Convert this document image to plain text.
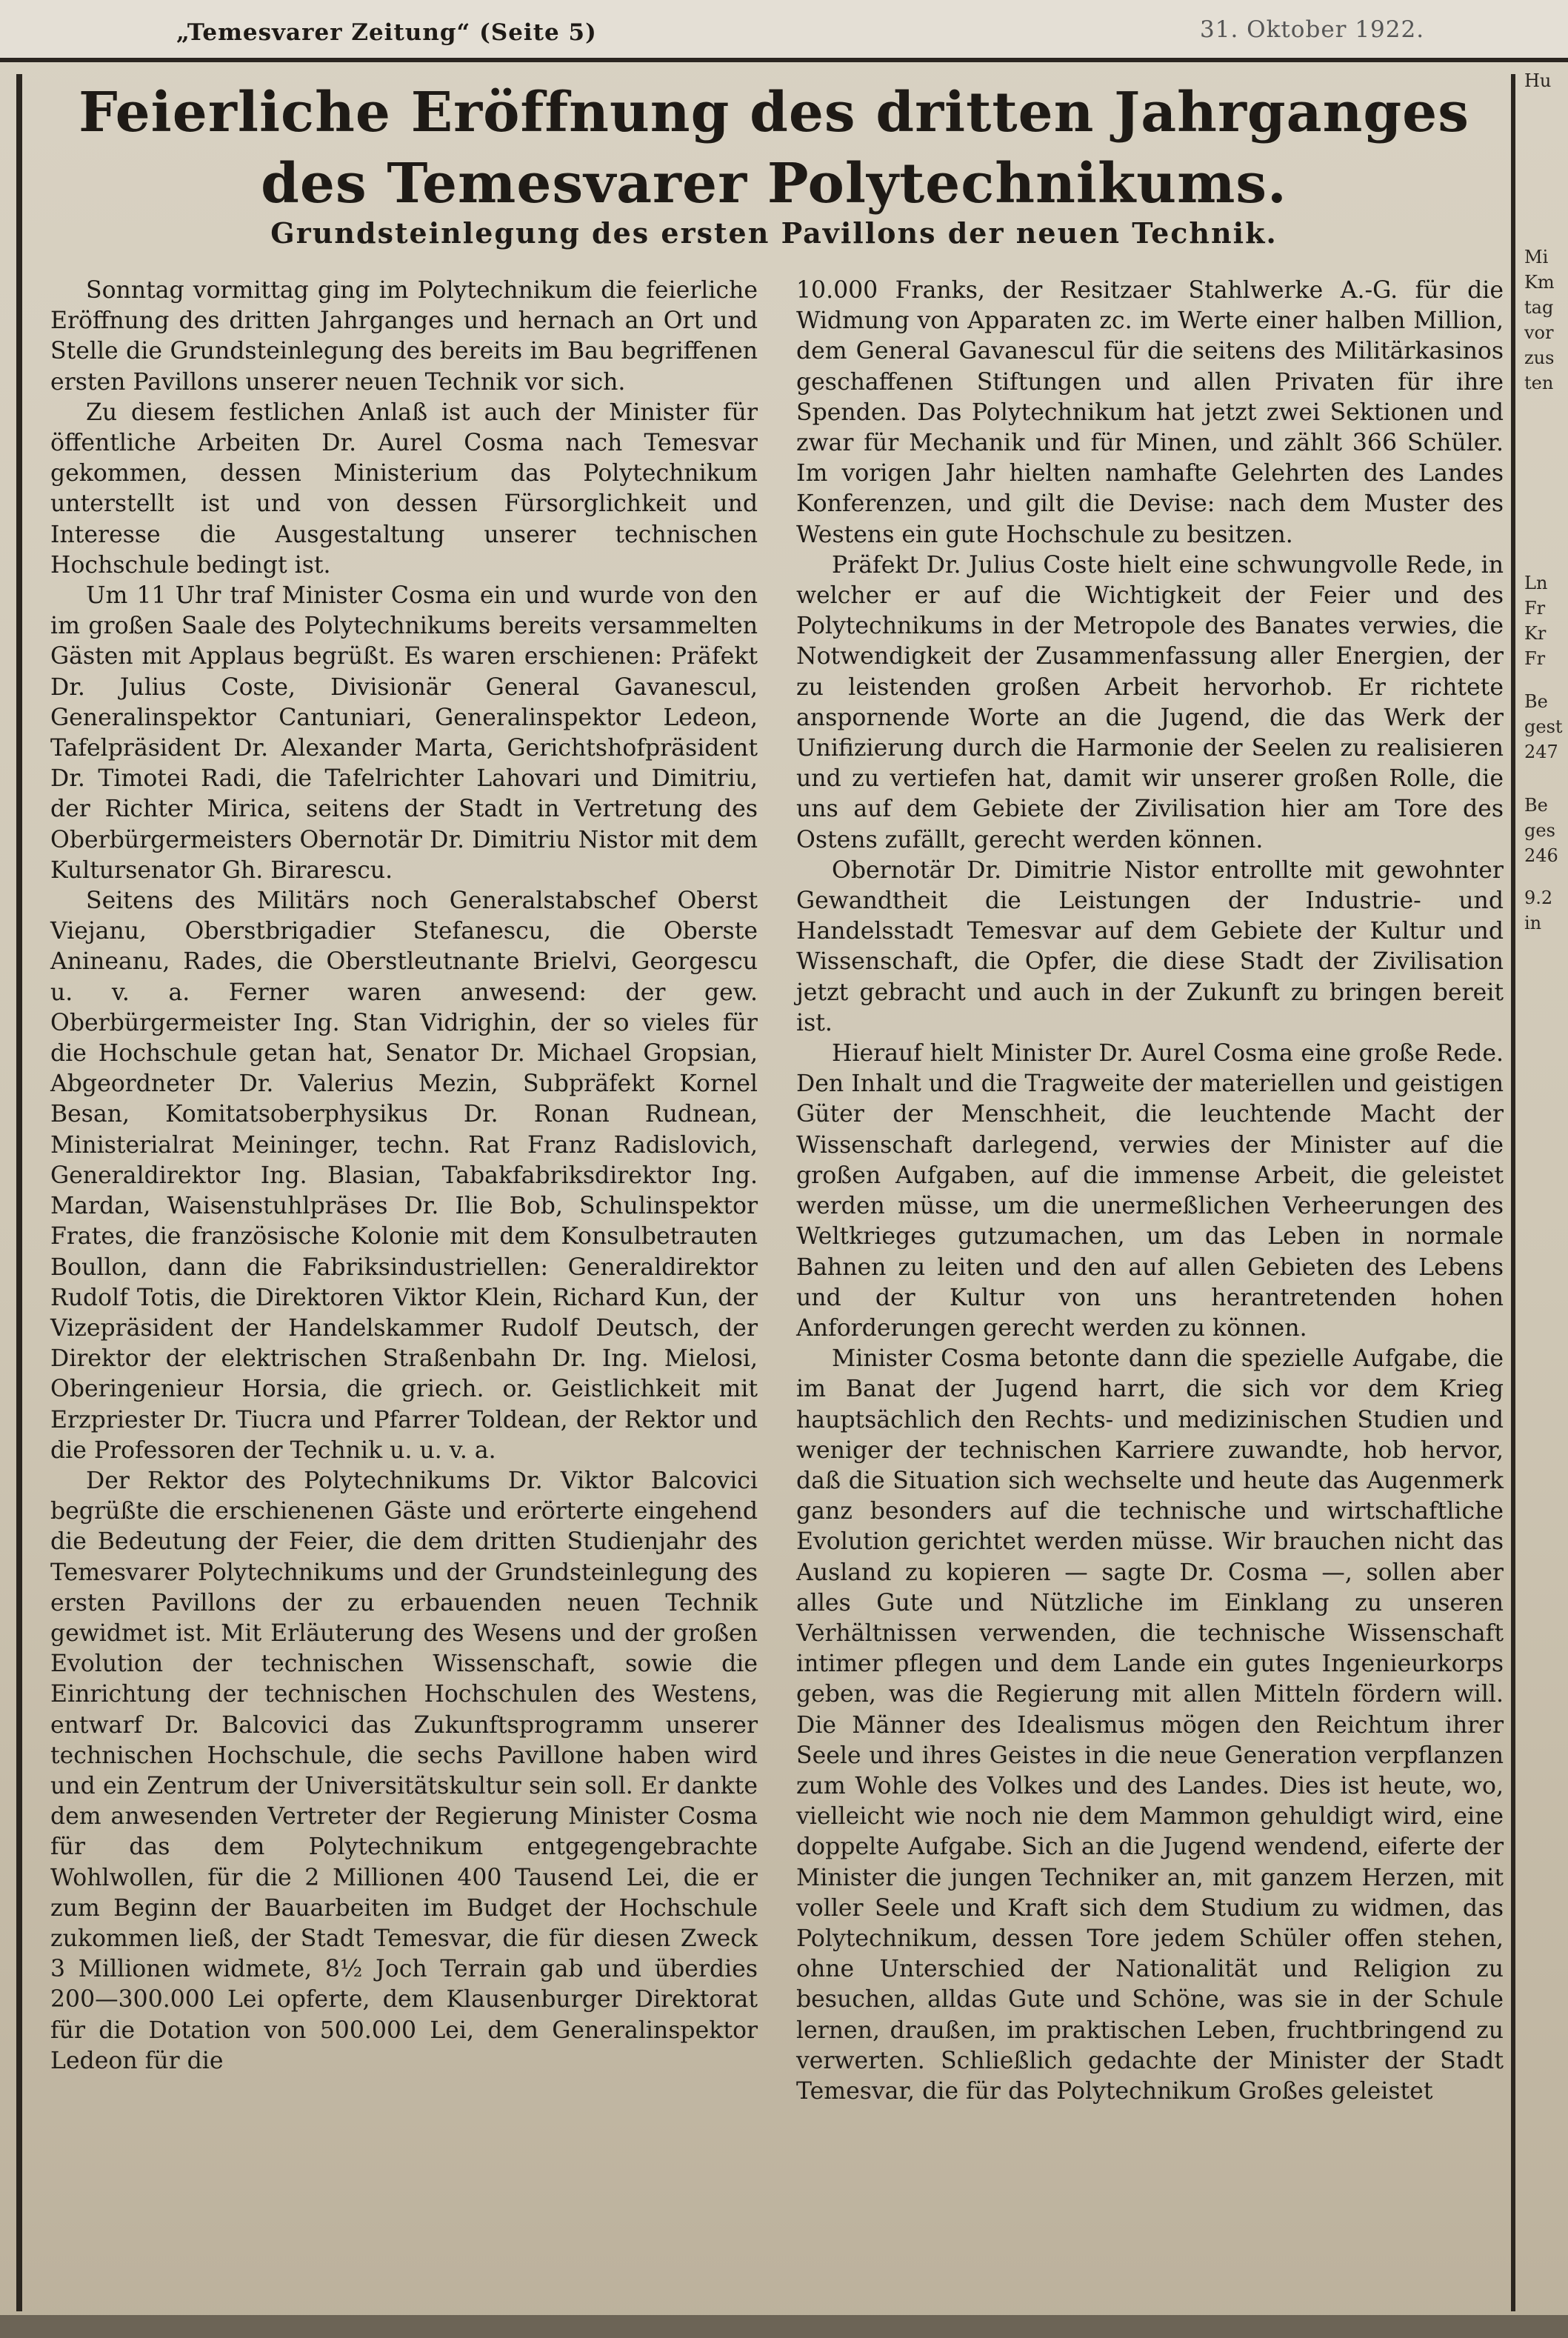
„Temesvarer Zeitung“ (Seite 5)	31. Oktober 1922.
Feierliche Eröffnung des dritten Jahrganges
des Temesvarer Polytechnikums.
Grundsteinlegung des ersten Pavillons der neuen Technik.

Sonntag vormittag ging im Polytechnikum die feierliche Eröffnung des dritten Jahrganges und hernach an Ort und Stelle die Grundsteinlegung des bereits im Bau begriffenen ersten Pavillons unserer neuen Technik vor sich.

Zu diesem festlichen Anlaß ist auch der Minister für öffentliche Arbeiten Dr. Aurel Cosma nach Temesvar gekommen, dessen Ministerium das Polytechnikum unterstellt ist und von dessen Fürsorglichkeit und Interesse die Ausgestaltung unserer technischen Hochschule bedingt ist.

Um 11 Uhr traf Minister Cosma ein und wurde von den im großen Saale des Polytechnikums bereits versammelten Gästen mit Applaus begrüßt. Es waren erschienen: Präfekt Dr. Julius Coste, Divisionär General Gavanescul, Generalinspektor Cantuniari, Generalinspektor Ledeon, Tafelpräsident Dr. Alexander Marta, Gerichtshofpräsident Dr. Timotei Radi, die Tafelrichter Lahovari und Dimitriu, der Richter Mirica, seitens der Stadt in Vertretung des Oberbürgermeisters Obernotär Dr. Dimitriu Nistor mit dem Kultursenator Gh. Birarescu.

Seitens des Militärs noch Generalstabschef Oberst Viejanu, Oberstbrigadier Stefanescu, die Oberste Anineanu, Rades, die Oberstleutnante Brielvi, Georgescu u. v. a. Ferner waren anwesend: der gew. Oberbürgermeister Ing. Stan Vidrighin, der so vieles für die Hochschule getan hat, Senator Dr. Michael Gropsian, Abgeordneter Dr. Valerius Mezin, Subpräfekt Kornel Besan, Komitatsoberphysikus Dr. Ronan Rudnean, Ministerialrat Meininger, techn. Rat Franz Radislovich, Generaldirektor Ing. Blasian, Tabakfabriksdirektor Ing. Mardan, Waisenstuhlpräses Dr. Ilie Bob, Schulinspektor Frates, die französische Kolonie mit dem Konsulbetrauten Boullon, dann die Fabriksindustriellen: Generaldirektor Rudolf Totis, die Direktoren Viktor Klein, Richard Kun, der Vizepräsident der Handelskammer Rudolf Deutsch, der Direktor der elektrischen Straßenbahn Dr. Ing. Mielosi, Oberingenieur Horsia, die griech. or. Geistlichkeit mit Erzpriester Dr. Tiucra und Pfarrer Toldean, der Rektor und die Professoren der Technik u. u. v. a.

Der Rektor des Polytechnikums Dr. Viktor Balcovici begrüßte die erschienenen Gäste und erörterte eingehend die Bedeutung der Feier, die dem dritten Studienjahr des Temesvarer Polytechnikums und der Grundsteinlegung des ersten Pavillons der zu erbauenden neuen Technik gewidmet ist. Mit Erläuterung des Wesens und der großen Evolution der technischen Wissenschaft, sowie die Einrichtung der technischen Hochschulen des Westens, entwarf Dr. Balcovici das Zukunftsprogramm unserer technischen Hochschule, die sechs Pavillone haben wird und ein Zentrum der Universitätskultur sein soll. Er dankte dem anwesenden Vertreter der Regierung Minister Cosma für das dem Polytechnikum entgegengebrachte Wohlwollen, für die 2 Millionen 400 Tausend Lei, die er zum Beginn der Bauarbeiten im Budget der Hochschule zukommen ließ, der Stadt Temesvar, die für diesen Zweck 3 Millionen widmete, 8½ Joch Terrain gab und überdies 200—300.000 Lei opferte, dem Klausenburger Direktorat für die Dotation von 500.000 Lei, dem Generalinspektor Ledeon für die

10.000 Franks, der Resitzaer Stahlwerke A.-G. für die Widmung von Apparaten zc. im Werte einer halben Million, dem General Gavanescul für die seitens des Militärkasinos geschaffenen Stiftungen und allen Privaten für ihre Spenden. Das Polytechnikum hat jetzt zwei Sektionen und zwar für Mechanik und für Minen, und zählt 366 Schüler. Im vorigen Jahr hielten namhafte Gelehrten des Landes Konferenzen, und gilt die Devise: nach dem Muster des Westens ein gute Hochschule zu besitzen.

Präfekt Dr. Julius Coste hielt eine schwungvolle Rede, in welcher er auf die Wichtigkeit der Feier und des Polytechnikums in der Metropole des Banates verwies, die Notwendigkeit der Zusammenfassung aller Energien, der zu leistenden großen Arbeit hervorhob. Er richtete anspornende Worte an die Jugend, die das Werk der Unifizierung durch die Harmonie der Seelen zu realisieren und zu vertiefen hat, damit wir unserer großen Rolle, die uns auf dem Gebiete der Zivilisation hier am Tore des Ostens zufällt, gerecht werden können.

Obernotär Dr. Dimitrie Nistor entrollte mit gewohnter Gewandtheit die Leistungen der Industrie- und Handelsstadt Temesvar auf dem Gebiete der Kultur und Wissenschaft, die Opfer, die diese Stadt der Zivilisation jetzt gebracht und auch in der Zukunft zu bringen bereit ist.

Hierauf hielt Minister Dr. Aurel Cosma eine große Rede. Den Inhalt und die Tragweite der materiellen und geistigen Güter der Menschheit, die leuchtende Macht der Wissenschaft darlegend, verwies der Minister auf die großen Aufgaben, auf die immense Arbeit, die geleistet werden müsse, um die unermeßlichen Verheerungen des Weltkrieges gutzumachen, um das Leben in normale Bahnen zu leiten und den auf allen Gebieten des Lebens und der Kultur von uns herantretenden hohen Anforderungen gerecht werden zu können.

Minister Cosma betonte dann die spezielle Aufgabe, die im Banat der Jugend harrt, die sich vor dem Krieg hauptsächlich den Rechts- und medizinischen Studien und weniger der technischen Karriere zuwandte, hob hervor, daß die Situation sich wechselte und heute das Augenmerk ganz besonders auf die technische und wirtschaftliche Evolution gerichtet werden müsse. Wir brauchen nicht das Ausland zu kopieren — sagte Dr. Cosma —, sollen aber alles Gute und Nützliche im Einklang zu unseren Verhältnissen verwenden, die technische Wissenschaft intimer pflegen und dem Lande ein gutes Ingenieurkorps geben, was die Regierung mit allen Mitteln fördern will. Die Männer des Idealismus mögen den Reichtum ihrer Seele und ihres Geistes in die neue Generation verpflanzen zum Wohle des Volkes und des Landes. Dies ist heute, wo, vielleicht wie noch nie dem Mammon gehuldigt wird, eine doppelte Aufgabe. Sich an die Jugend wendend, eiferte der Minister die jungen Techniker an, mit ganzem Herzen, mit voller Seele und Kraft sich dem Studium zu widmen, das Polytechnikum, dessen Tore jedem Schüler offen stehen, ohne Unterschied der Nationalität und Religion zu besuchen, alldas Gute und Schöne, was sie in der Schule lernen, draußen, im praktischen Leben, fruchtbringend zu verwerten. Schließlich gedachte der Minister der Stadt Temesvar, die für das Polytechnikum Großes geleistet

Hu
Mi
Km
tag
vor
zus
ten
Ln
Fr
Kr
Fr
Be
gest
247
Be
ges
246
9.2
in
